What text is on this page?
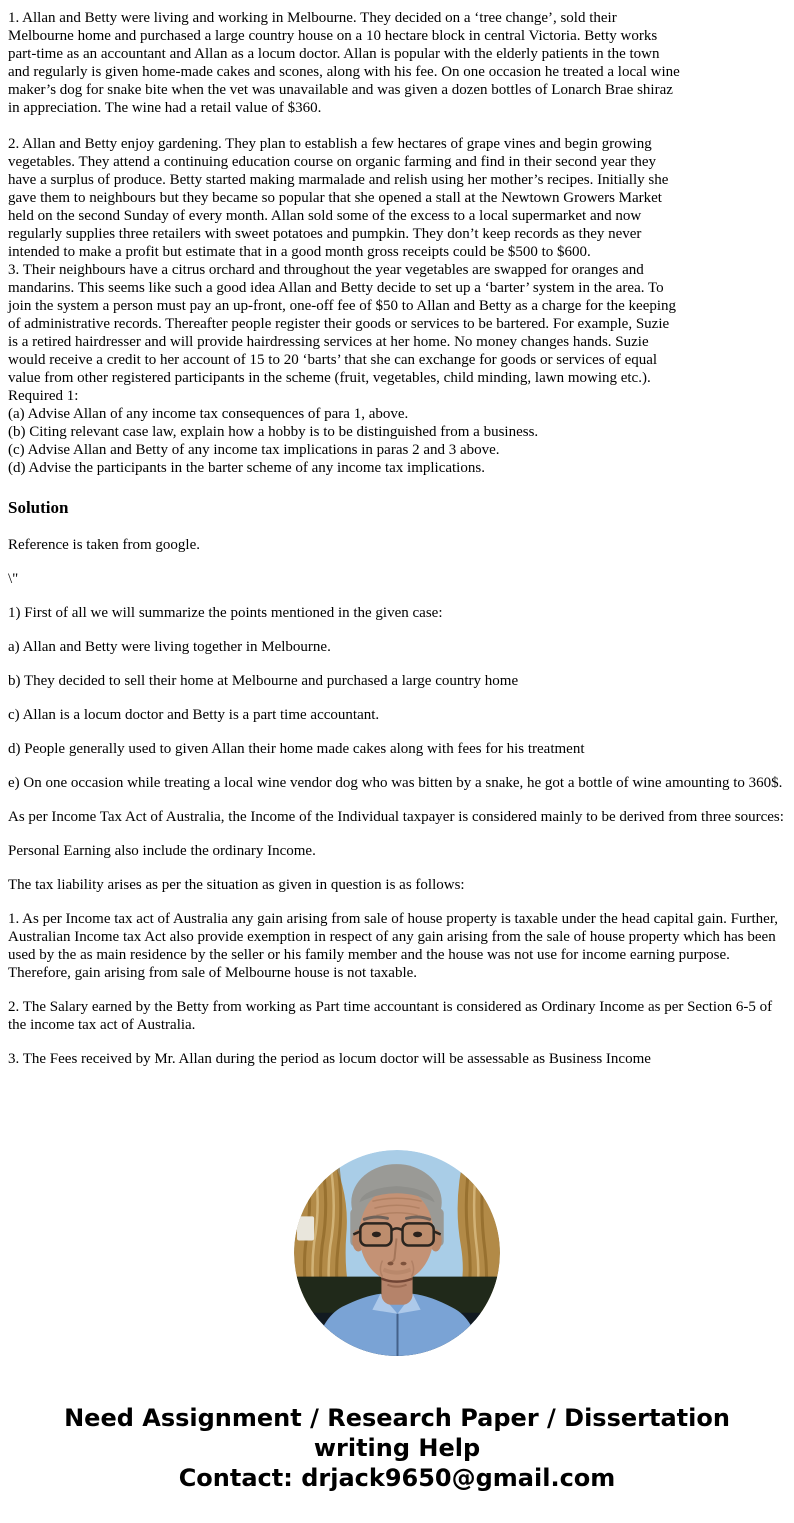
1. Allan and Betty were living and working in Melbourne. They decided on a ‘tree change’, sold their Melbourne home and purchased a large country house on a 10 hectare block in central Victoria. Betty works part-time as an accountant and Allan as a locum doctor. Allan is popular with the elderly patients in the town and regularly is given home-made cakes and scones, along with his fee. On one occasion he treated a local wine maker’s dog for snake bite when the vet was unavailable and was given a dozen bottles of Lonarch Brae shiraz in appreciation. The wine had a retail value of $360.

2. Allan and Betty enjoy gardening. They plan to establish a few hectares of grape vines and begin growing vegetables. They attend a continuing education course on organic farming and find in their second year they have a surplus of produce. Betty started making marmalade and relish using her mother’s recipes. Initially she gave them to neighbours but they became so popular that she opened a stall at the Newtown Growers Market held on the second Sunday of every month. Allan sold some of the excess to a local supermarket and now regularly supplies three retailers with sweet potatoes and pumpkin. They don’t keep records as they never intended to make a profit but estimate that in a good month gross receipts could be $500 to $600.
3. Their neighbours have a citrus orchard and throughout the year vegetables are swapped for oranges and mandarins. This seems like such a good idea Allan and Betty decide to set up a ‘barter’ system in the area. To join the system a person must pay an up-front, one-off fee of $50 to Allan and Betty as a charge for the keeping of administrative records. Thereafter people register their goods or services to be bartered. For example, Suzie is a retired hairdresser and will provide hairdressing services at her home. No money changes hands. Suzie would receive a credit to her account of 15 to 20 ‘barts’ that she can exchange for goods or services of equal value from other registered participants in the scheme (fruit, vegetables, child minding, lawn mowing etc.).
Required 1:
(a) Advise Allan of any income tax consequences of para 1, above.
(b) Citing relevant case law, explain how a hobby is to be distinguished from a business.
(c) Advise Allan and Betty of any income tax implications in paras 2 and 3 above.
(d) Advise the participants in the barter scheme of any income tax implications.
Solution

Reference is taken from google.

\"

1) First of all we will summarize the points mentioned in the given case:

a) Allan and Betty were living together in Melbourne.

b) They decided to sell their home at Melbourne and purchased a large country home

c) Allan is a locum doctor and Betty is a part time accountant.

d) People generally used to given Allan their home made cakes along with fees for his treatment

e) On one occasion while treating a local wine vendor dog who was bitten by a snake, he got a bottle of wine amounting to 360$.

As per Income Tax Act of Australia, the Income of the Individual taxpayer is considered mainly to be derived from three sources:

Personal Earning also include the ordinary Income.

The tax liability arises as per the situation as given in question is as follows:

1. As per Income tax act of Australia any gain arising from sale of house property is taxable under the head capital gain. Further, Australian Income tax Act also provide exemption in respect of any gain arising from the sale of house property which has been used by the as main residence by the seller or his family member and the house was not use for income earning purpose. Therefore, gain arising from sale of Melbourne house is not taxable.

2. The Salary earned by the Betty from working as Part time accountant is considered as Ordinary Income as per Section 6-5 of the income tax act of Australia.

3. The Fees received by Mr. Allan during the period as locum doctor will be assessable as Business Income

Need Assignment / Research Paper / Dissertation
writing Help
Contact: drjack9650@gmail.com
